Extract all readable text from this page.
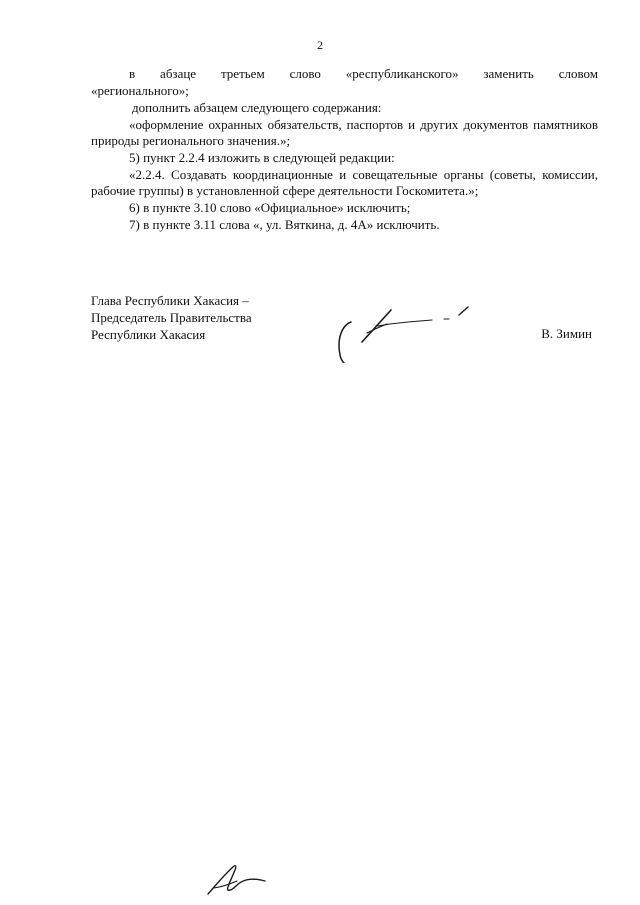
2

в абзаце третьем слово «республиканского» заменить словом

«регионального»;

дополнить абзацем следующего содержания:

«оформление охранных обязательств, паспортов и других документов памятников природы регионального значения.»;

5) пункт 2.2.4 изложить в следующей редакции:

«2.2.4. Создавать координационные и совещательные органы (советы, комиссии, рабочие группы) в установленной сфере деятельности Госкомитета.»;

6) в пункте 3.10 слово «Официальное» исключить;

7) в пункте 3.11 слова «, ул. Вяткина, д. 4А» исключить.

Глава Республики Хакасия –
Председатель Правительства
Республики Хакасия	В. Зимин
